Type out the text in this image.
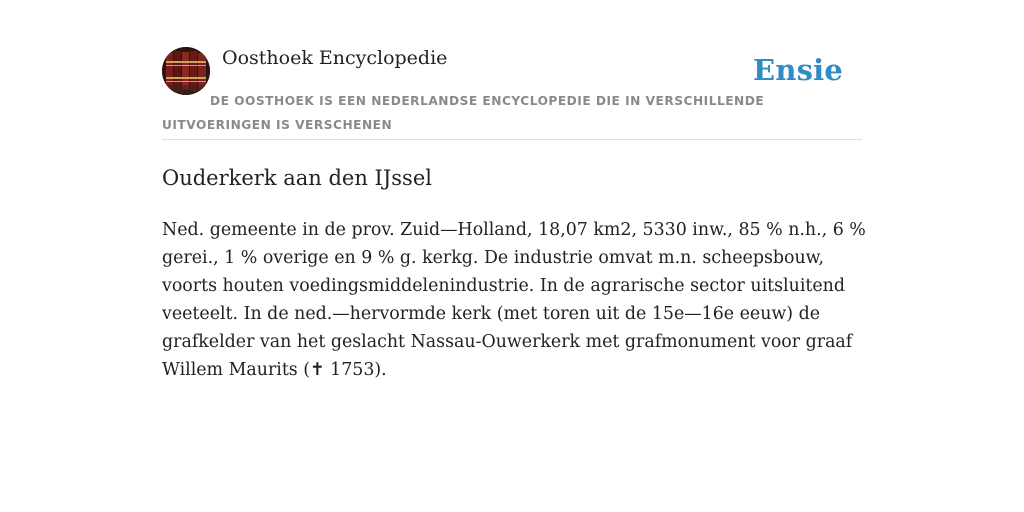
Oosthoek Encyclopedie	Ensie
DE OOSTHOEK IS EEN NEDERLANDSE ENCYCLOPEDIE DIE IN VERSCHILLENDE UITVOERINGEN IS VERSCHENEN
Ouderkerk aan den IJssel

Ned. gemeente in de prov. Zuid—Holland, 18,07 km2, 5330 inw., 85 % n.h., 6 % gerei., 1 % overige en 9 % g. kerkg. De industrie omvat m.n. scheepsbouw, voorts houten voedingsmiddelenindustrie. In de agrarische sector uitsluitend veeteelt. In de ned.—hervormde kerk (met toren uit de 15e—16e eeuw) de grafkelder van het geslacht Nassau-Ouwerkerk met grafmonument voor graaf Willem Maurits (✝ 1753).
